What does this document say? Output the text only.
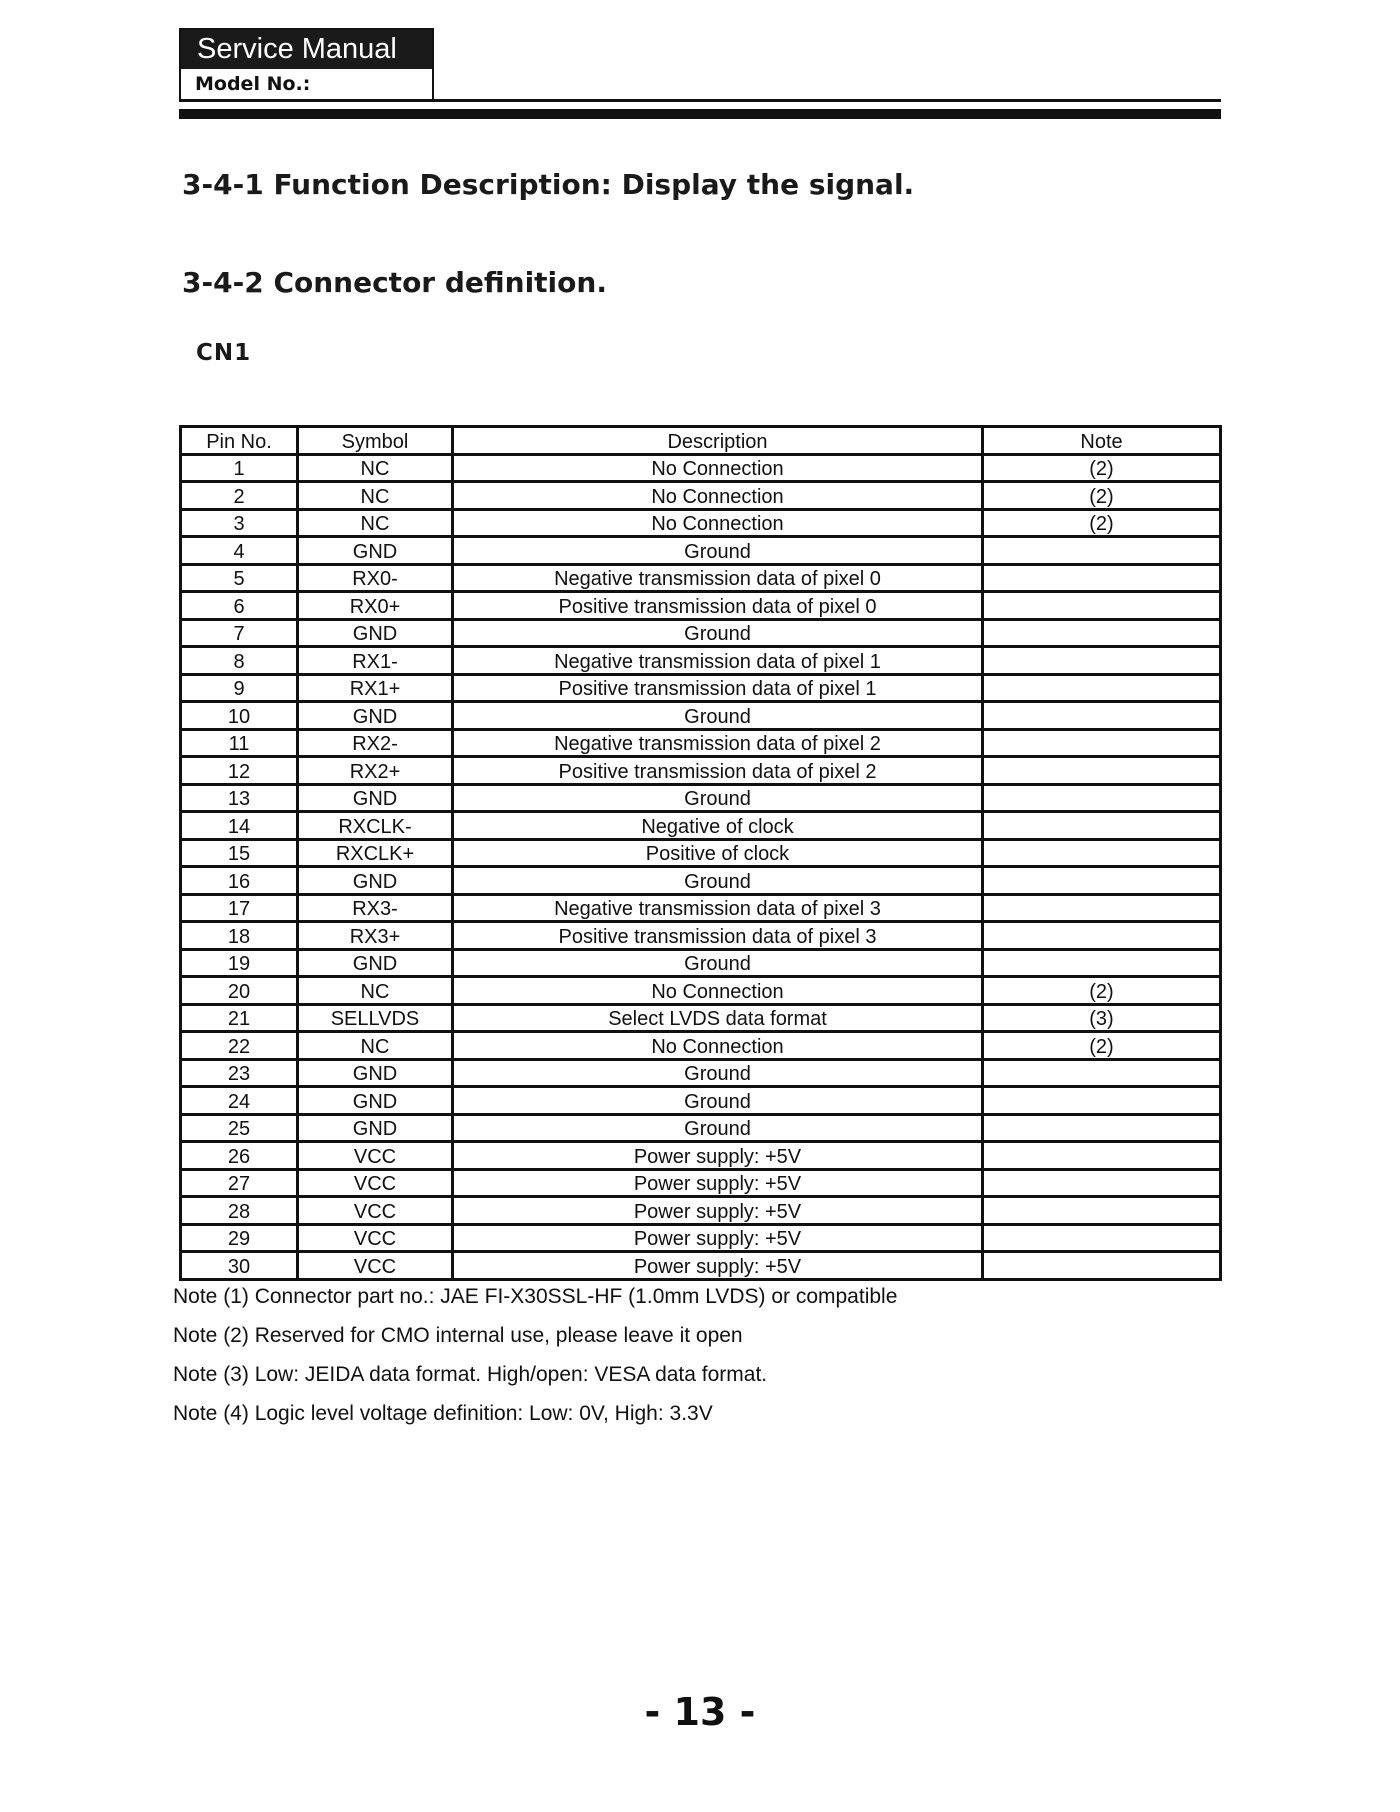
Service Manual
Model No.:
3-4-1 Function Description: Display the signal.
3-4-2 Connector definition.
CN1
Pin No.	Symbol	Description	Note
1	NC	No Connection	(2)
2	NC	No Connection	(2)
3	NC	No Connection	(2)
4	GND	Ground	
5	RX0-	Negative transmission data of pixel 0	
6	RX0+	Positive transmission data of pixel 0	
7	GND	Ground	
8	RX1-	Negative transmission data of pixel 1	
9	RX1+	Positive transmission data of pixel 1	
10	GND	Ground	
11	RX2-	Negative transmission data of pixel 2	
12	RX2+	Positive transmission data of pixel 2	
13	GND	Ground	
14	RXCLK-	Negative of clock	
15	RXCLK+	Positive of clock	
16	GND	Ground	
17	RX3-	Negative transmission data of pixel 3	
18	RX3+	Positive transmission data of pixel 3	
19	GND	Ground	
20	NC	No Connection	(2)
21	SELLVDS	Select LVDS data format	(3)
22	NC	No Connection	(2)
23	GND	Ground	
24	GND	Ground	
25	GND	Ground	
26	VCC	Power supply: +5V	
27	VCC	Power supply: +5V	
28	VCC	Power supply: +5V	
29	VCC	Power supply: +5V	
30	VCC	Power supply: +5V	
Note (1) Connector part no.: JAE FI-X30SSL-HF (1.0mm LVDS) or compatible
Note (2) Reserved for CMO internal use, please leave it open
Note (3) Low: JEIDA data format. High/open: VESA data format.
Note (4) Logic level voltage definition: Low: 0V, High: 3.3V
- 13 -
